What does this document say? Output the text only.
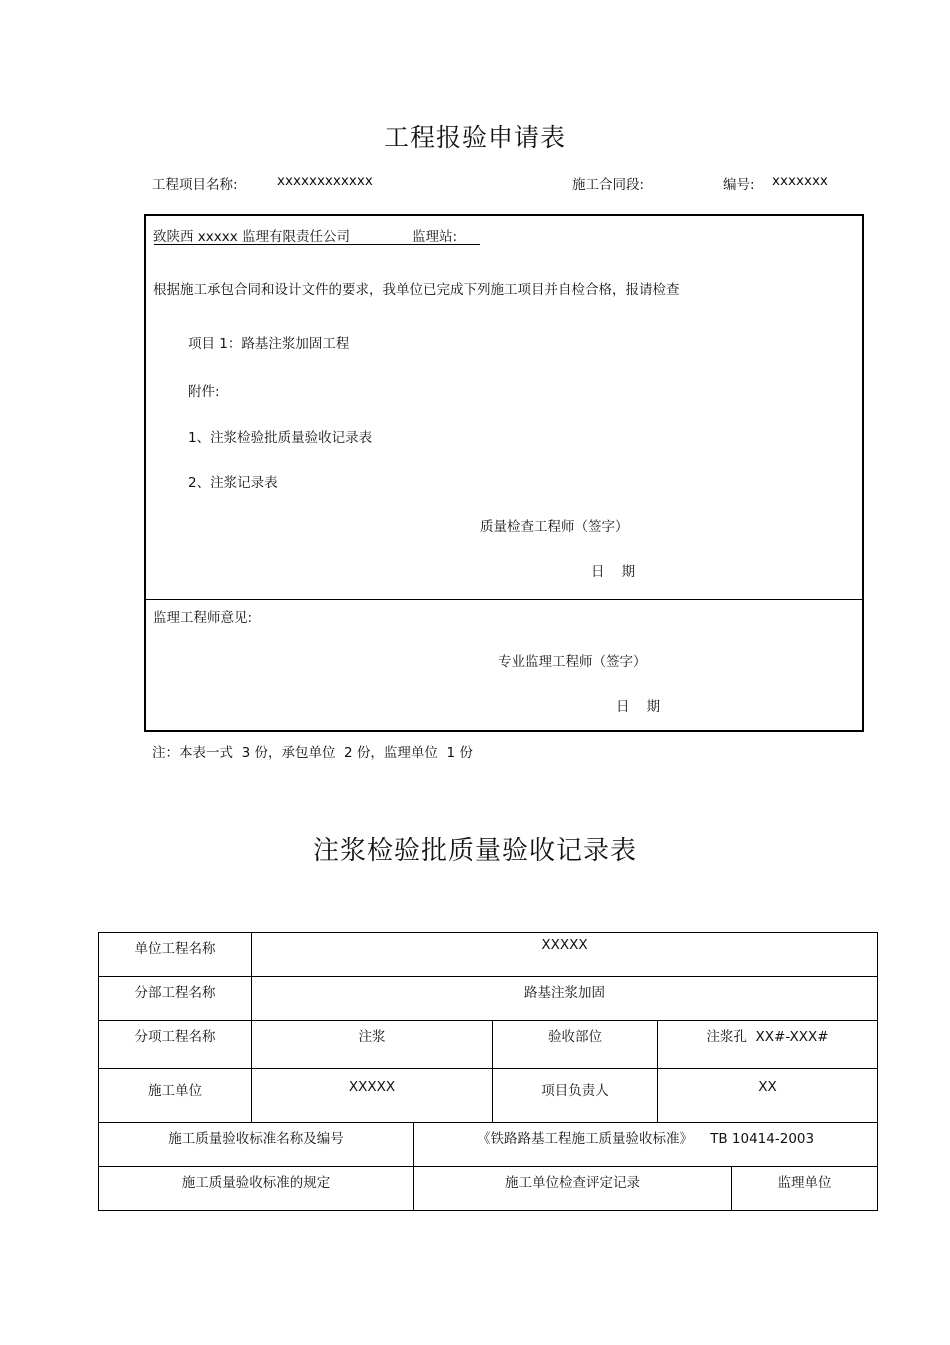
工程报验申请表
工程项目名称:	xxxxxxxxxxxx	施工合同段:	编号: xxxxxxx
致陕西 xxxxx 监理有限责任公司	监理站:
根据施工承包合同和设计文件的要求，我单位已完成下列施工项目并自检合格，报请检查
项目 1：路基注浆加固工程
附件:
1、注浆检验批质量验收记录表
2、注浆记录表
质量检查工程师（签字）
日    期
监理工程师意见:
专业监理工程师（签字）
日    期
注：本表一式  3 份，承包单位  2 份，监理单位  1 份
注浆检验批质量验收记录表
单位工程名称	XXXXX				
分部工程名称	路基注浆加固				
分项工程名称	注浆		验收部位	注浆孔  XX#-XXX#	
施工单位	XXXXX		项目负责人	XX	
施工质量验收标准名称及编号		《铁路路基工程施工质量验收标准》    TB 10414-2003			
施工质量验收标准的规定		施工单位检查评定记录			监理单位
